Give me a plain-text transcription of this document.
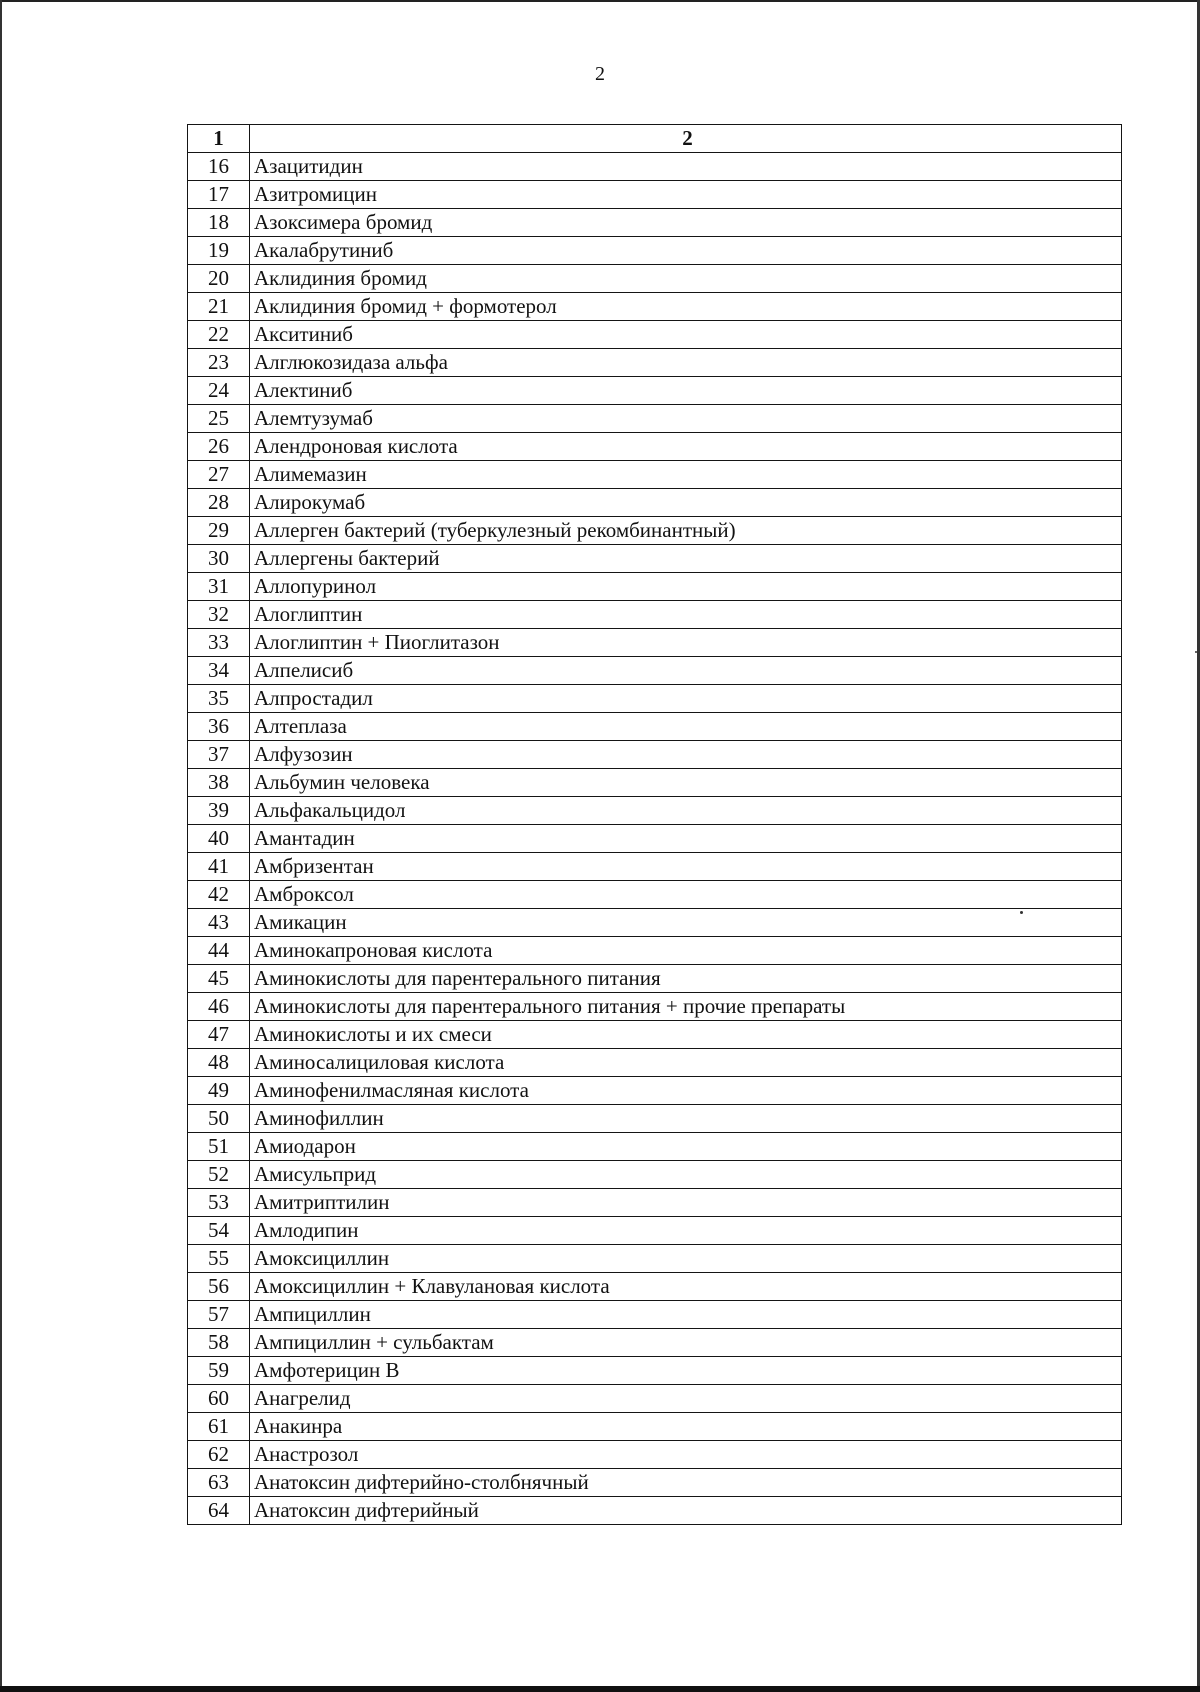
2
1	2
16	Азацитидин
17	Азитромицин
18	Азоксимера бромид
19	Акалабрутиниб
20	Аклидиния бромид
21	Аклидиния бромид + формотерол
22	Акситиниб
23	Алглюкозидаза альфа
24	Алектиниб
25	Алемтузумаб
26	Алендроновая кислота
27	Алимемазин
28	Алирокумаб
29	Аллерген бактерий (туберкулезный рекомбинантный)
30	Аллергены бактерий
31	Аллопуринол
32	Алоглиптин
33	Алоглиптин + Пиоглитазон
34	Алпелисиб
35	Алпростадил
36	Алтеплаза
37	Алфузозин
38	Альбумин человека
39	Альфакальцидол
40	Амантадин
41	Амбризентан
42	Амброксол
43	Амикацин
44	Аминокапроновая кислота
45	Аминокислоты для парентерального питания
46	Аминокислоты для парентерального питания + прочие препараты
47	Аминокислоты и их смеси
48	Аминосалициловая кислота
49	Аминофенилмасляная кислота
50	Аминофиллин
51	Амиодарон
52	Амисульприд
53	Амитриптилин
54	Амлодипин
55	Амоксициллин
56	Амоксициллин + Клавулановая кислота
57	Ампициллин
58	Ампициллин + сульбактам
59	Амфотерицин В
60	Анагрелид
61	Анакинра
62	Анастрозол
63	Анатоксин дифтерийно-столбнячный
64	Анатоксин дифтерийный
